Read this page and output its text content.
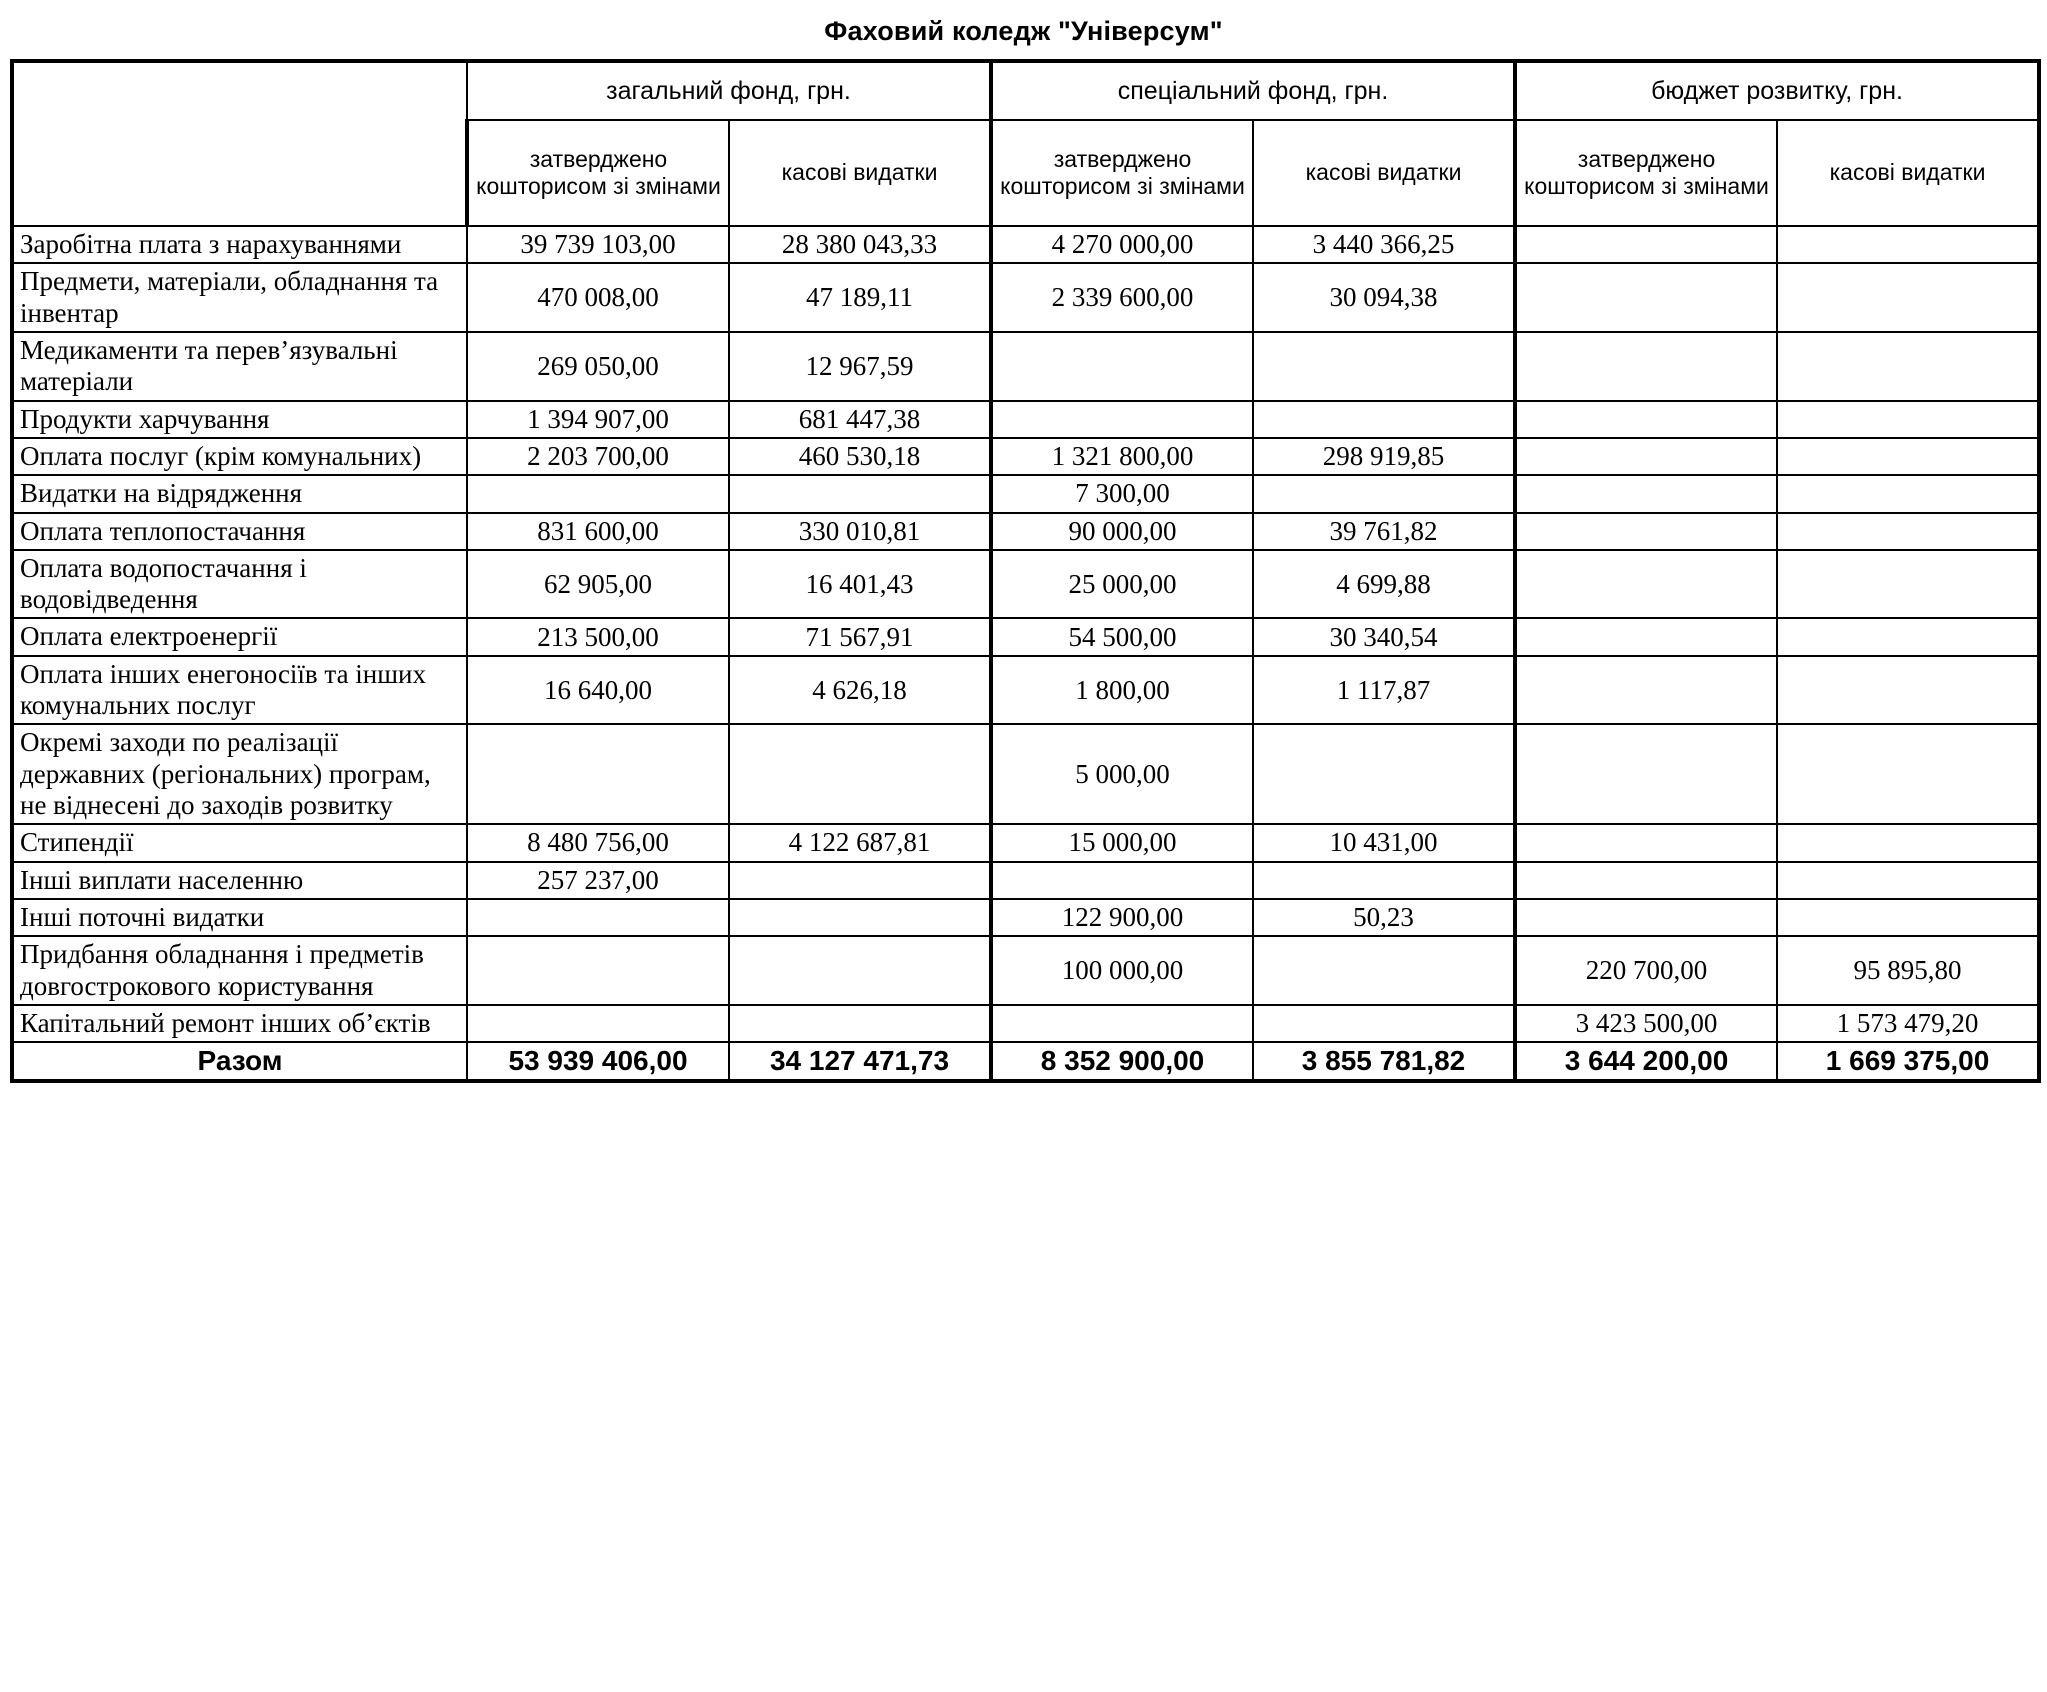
Фаховий коледж "Універсум"
	загальний фонд, грн.		спеціальний фонд, грн.		бюджет розвитку, грн.	
	затверджено кошторисом зі змінами	касові видатки	затверджено кошторисом зі змінами	касові видатки	затверджено кошторисом зі змінами	касові видатки
Заробітна плата з нарахуваннями	39 739 103,00	28 380 043,33	4 270 000,00	3 440 366,25		
Предмети, матеріали, обладнання та інвентар	470 008,00	47 189,11	2 339 600,00	30 094,38		
Медикаменти та перев’язувальні матеріали	269 050,00	12 967,59				
Продукти харчування	1 394 907,00	681 447,38				
Оплата послуг (крім комунальних)	2 203 700,00	460 530,18	1 321 800,00	298 919,85		
Видатки на відрядження			7 300,00			
Оплата теплопостачання	831 600,00	330 010,81	90 000,00	39 761,82		
Оплата водопостачання і водовідведення	62 905,00	16 401,43	25 000,00	4 699,88		
Оплата електроенергії	213 500,00	71 567,91	54 500,00	30 340,54		
Оплата інших енегоносіїв та інших комунальних послуг	16 640,00	4 626,18	1 800,00	1 117,87		
Окремі заходи по реалізації державних (регіональних) програм, не віднесені до заходів розвитку			5 000,00			
Стипендії	8 480 756,00	4 122 687,81	15 000,00	10 431,00		
Інші виплати населенню	257 237,00					
Інші поточні видатки			122 900,00	50,23		
Придбання обладнання і предметів довгострокового користування			100 000,00		220 700,00	95 895,80
Капітальний ремонт інших об’єктів					3 423 500,00	1 573 479,20
Разом	53 939 406,00	34 127 471,73	8 352 900,00	3 855 781,82	3 644 200,00	1 669 375,00
